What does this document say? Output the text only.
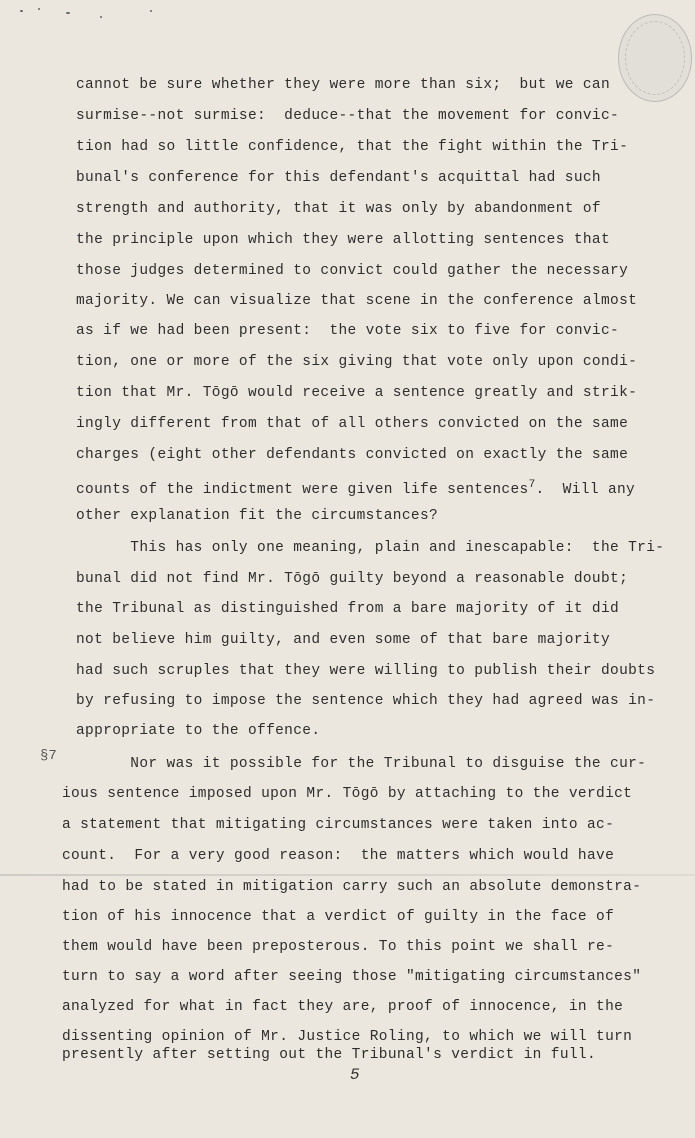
cannot be sure whether they were more than six;  but we can
surmise--not surmise:  deduce--that the movement for convic-
tion had so little confidence, that the fight within the Tri-
bunal's conference for this defendant's acquittal had such
strength and authority, that it was only by abandonment of
the principle upon which they were allotting sentences that
those judges determined to convict could gather the necessary
majority. We can visualize that scene in the conference almost
as if we had been present:  the vote six to five for convic-
tion, one or more of the six giving that vote only upon condi-
tion that Mr. Tōgō would receive a sentence greatly and strik-
ingly different from that of all others convicted on the same
charges (eight other defendants convicted on exactly the same
counts of the indictment were given life sentences$^7$.  Will any
other explanation fit the circumstances?
This has only one meaning, plain and inescapable:  the Tri-
bunal did not find Mr. Tōgō guilty beyond a reasonable doubt;
the Tribunal as distinguished from a bare majority of it did
not believe him guilty, and even some of that bare majority
had such scruples that they were willing to publish their doubts
by refusing to impose the sentence which they had agreed was in-
appropriate to the offence.
§7 Nor was it possible for the Tribunal to disguise the cur-
ious sentence imposed upon Mr. Tōgō by attaching to the verdict
a statement that mitigating circumstances were taken into ac-
count.  For a very good reason:  the matters which would have
had to be stated in mitigation carry such an absolute demonstra-
tion of his innocence that a verdict of guilty in the face of
them would have been preposterous. To this point we shall re-
turn to say a word after seeing those "mitigating circumstances"
analyzed for what in fact they are, proof of innocence, in the
dissenting opinion of Mr. Justice Roling, to which we will turn
presently after setting out the Tribunal's verdict in full.
5
